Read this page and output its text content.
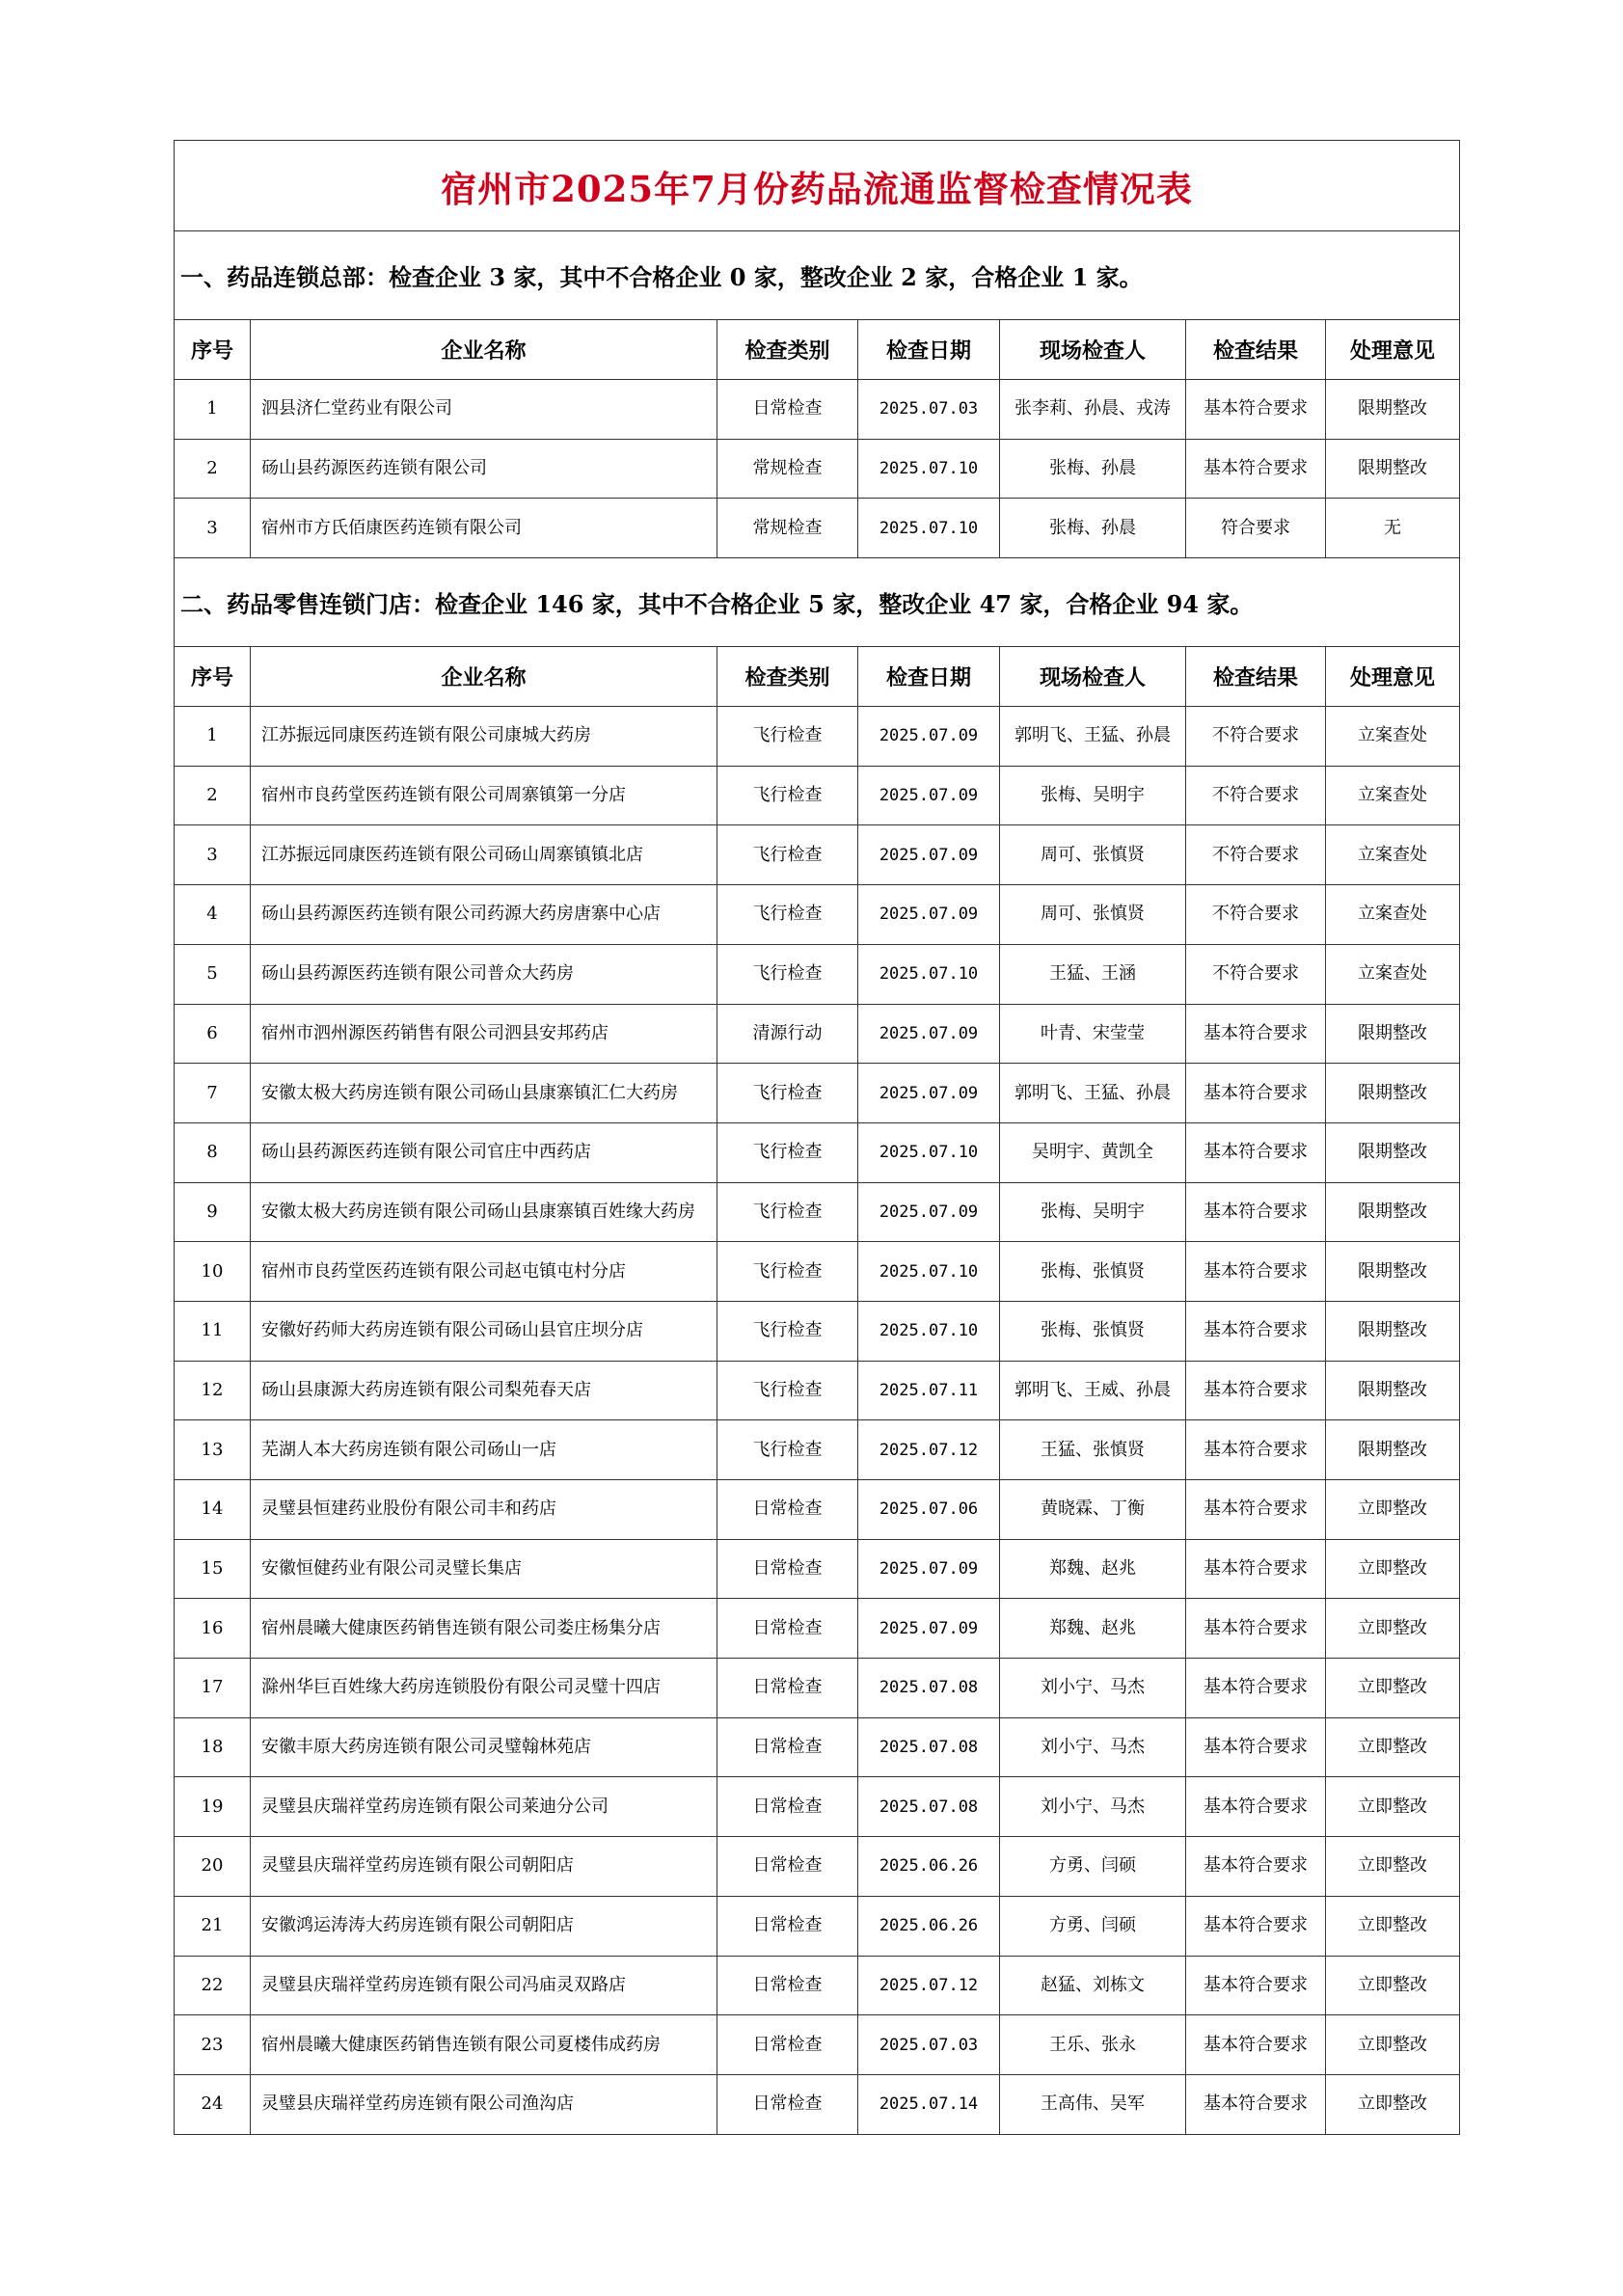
宿州市2025年7月份药品流通监督检查情况表						
一、药品连锁总部：检查企业 3 家，其中不合格企业 0 家，整改企业 2 家，合格企业 1 家。						
序号	企业名称	检查类别	检查日期	现场检查人	检查结果	处理意见
1	泗县济仁堂药业有限公司	日常检查	2025.07.03	张李莉、孙晨、戎涛	基本符合要求	限期整改
2	砀山县药源医药连锁有限公司	常规检查	2025.07.10	张梅、孙晨	基本符合要求	限期整改
3	宿州市方氏佰康医药连锁有限公司	常规检查	2025.07.10	张梅、孙晨	符合要求	无
二、药品零售连锁门店：检查企业 146 家，其中不合格企业 5 家，整改企业 47 家，合格企业 94 家。						
序号	企业名称	检查类别	检查日期	现场检查人	检查结果	处理意见
1	江苏振远同康医药连锁有限公司康城大药房	飞行检查	2025.07.09	郭明飞、王猛、孙晨	不符合要求	立案查处
2	宿州市良药堂医药连锁有限公司周寨镇第一分店	飞行检查	2025.07.09	张梅、吴明宇	不符合要求	立案查处
3	江苏振远同康医药连锁有限公司砀山周寨镇镇北店	飞行检查	2025.07.09	周可、张慎贤	不符合要求	立案查处
4	砀山县药源医药连锁有限公司药源大药房唐寨中心店	飞行检查	2025.07.09	周可、张慎贤	不符合要求	立案查处
5	砀山县药源医药连锁有限公司普众大药房	飞行检查	2025.07.10	王猛、王涵	不符合要求	立案查处
6	宿州市泗州源医药销售有限公司泗县安邦药店	清源行动	2025.07.09	叶青、宋莹莹	基本符合要求	限期整改
7	安徽太极大药房连锁有限公司砀山县康寨镇汇仁大药房	飞行检查	2025.07.09	郭明飞、王猛、孙晨	基本符合要求	限期整改
8	砀山县药源医药连锁有限公司官庄中西药店	飞行检查	2025.07.10	吴明宇、黄凯全	基本符合要求	限期整改
9	安徽太极大药房连锁有限公司砀山县康寨镇百姓缘大药房	飞行检查	2025.07.09	张梅、吴明宇	基本符合要求	限期整改
10	宿州市良药堂医药连锁有限公司赵屯镇屯村分店	飞行检查	2025.07.10	张梅、张慎贤	基本符合要求	限期整改
11	安徽好药师大药房连锁有限公司砀山县官庄坝分店	飞行检查	2025.07.10	张梅、张慎贤	基本符合要求	限期整改
12	砀山县康源大药房连锁有限公司梨苑春天店	飞行检查	2025.07.11	郭明飞、王威、孙晨	基本符合要求	限期整改
13	芜湖人本大药房连锁有限公司砀山一店	飞行检查	2025.07.12	王猛、张慎贤	基本符合要求	限期整改
14	灵璧县恒建药业股份有限公司丰和药店	日常检查	2025.07.06	黄晓霖、丁衡	基本符合要求	立即整改
15	安徽恒健药业有限公司灵璧长集店	日常检查	2025.07.09	郑魏、赵兆	基本符合要求	立即整改
16	宿州晨曦大健康医药销售连锁有限公司娄庄杨集分店	日常检查	2025.07.09	郑魏、赵兆	基本符合要求	立即整改
17	滁州华巨百姓缘大药房连锁股份有限公司灵璧十四店	日常检查	2025.07.08	刘小宁、马杰	基本符合要求	立即整改
18	安徽丰原大药房连锁有限公司灵璧翰林苑店	日常检查	2025.07.08	刘小宁、马杰	基本符合要求	立即整改
19	灵璧县庆瑞祥堂药房连锁有限公司莱迪分公司	日常检查	2025.07.08	刘小宁、马杰	基本符合要求	立即整改
20	灵璧县庆瑞祥堂药房连锁有限公司朝阳店	日常检查	2025.06.26	方勇、闫硕	基本符合要求	立即整改
21	安徽鸿运涛涛大药房连锁有限公司朝阳店	日常检查	2025.06.26	方勇、闫硕	基本符合要求	立即整改
22	灵璧县庆瑞祥堂药房连锁有限公司冯庙灵双路店	日常检查	2025.07.12	赵猛、刘栋文	基本符合要求	立即整改
23	宿州晨曦大健康医药销售连锁有限公司夏楼伟成药房	日常检查	2025.07.03	王乐、张永	基本符合要求	立即整改
24	灵璧县庆瑞祥堂药房连锁有限公司渔沟店	日常检查	2025.07.14	王高伟、吴军	基本符合要求	立即整改
